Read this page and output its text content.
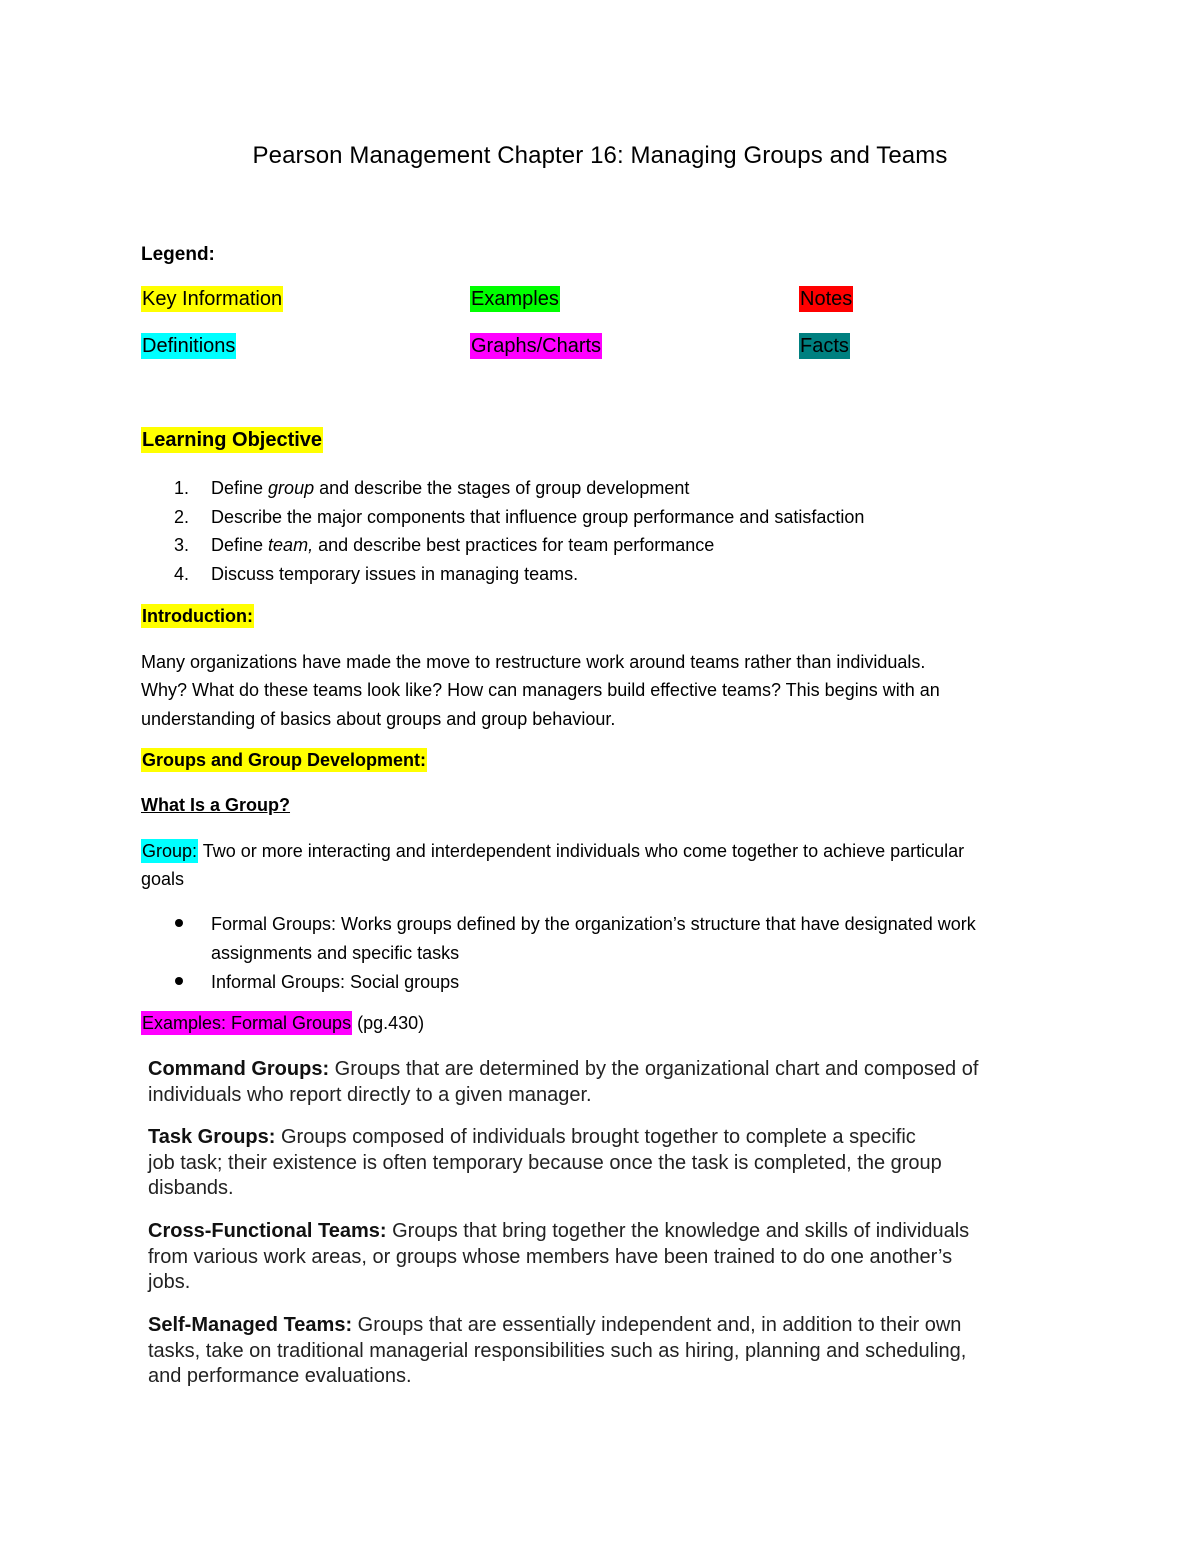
Pearson Management Chapter 16: Managing Groups and Teams
Legend:
Key Information	Examples	Notes
Definitions	Graphs/Charts	Facts
Learning Objective
1. Define group and describe the stages of group development
2. Describe the major components that influence group performance and satisfaction
3. Define team, and describe best practices for team performance
4. Discuss temporary issues in managing teams.
Introduction:
Many organizations have made the move to restructure work around teams rather than individuals.
Why? What do these teams look like? How can managers build effective teams? This begins with an
understanding of basics about groups and group behaviour.
Groups and Group Development:
What Is a Group?
Group: Two or more interacting and interdependent individuals who come together to achieve particular
goals
Formal Groups: Works groups defined by the organization’s structure that have designated work
assignments and specific tasks
Informal Groups: Social groups
Examples: Formal Groups (pg.430)
Command Groups: Groups that are determined by the organizational chart and composed of
individuals who report directly to a given manager.
Task Groups: Groups composed of individuals brought together to complete a specific
job task; their existence is often temporary because once the task is completed, the group
disbands.
Cross-Functional Teams: Groups that bring together the knowledge and skills of individuals
from various work areas, or groups whose members have been trained to do one another’s
jobs.
Self-Managed Teams: Groups that are essentially independent and, in addition to their own
tasks, take on traditional managerial responsibilities such as hiring, planning and scheduling,
and performance evaluations.
